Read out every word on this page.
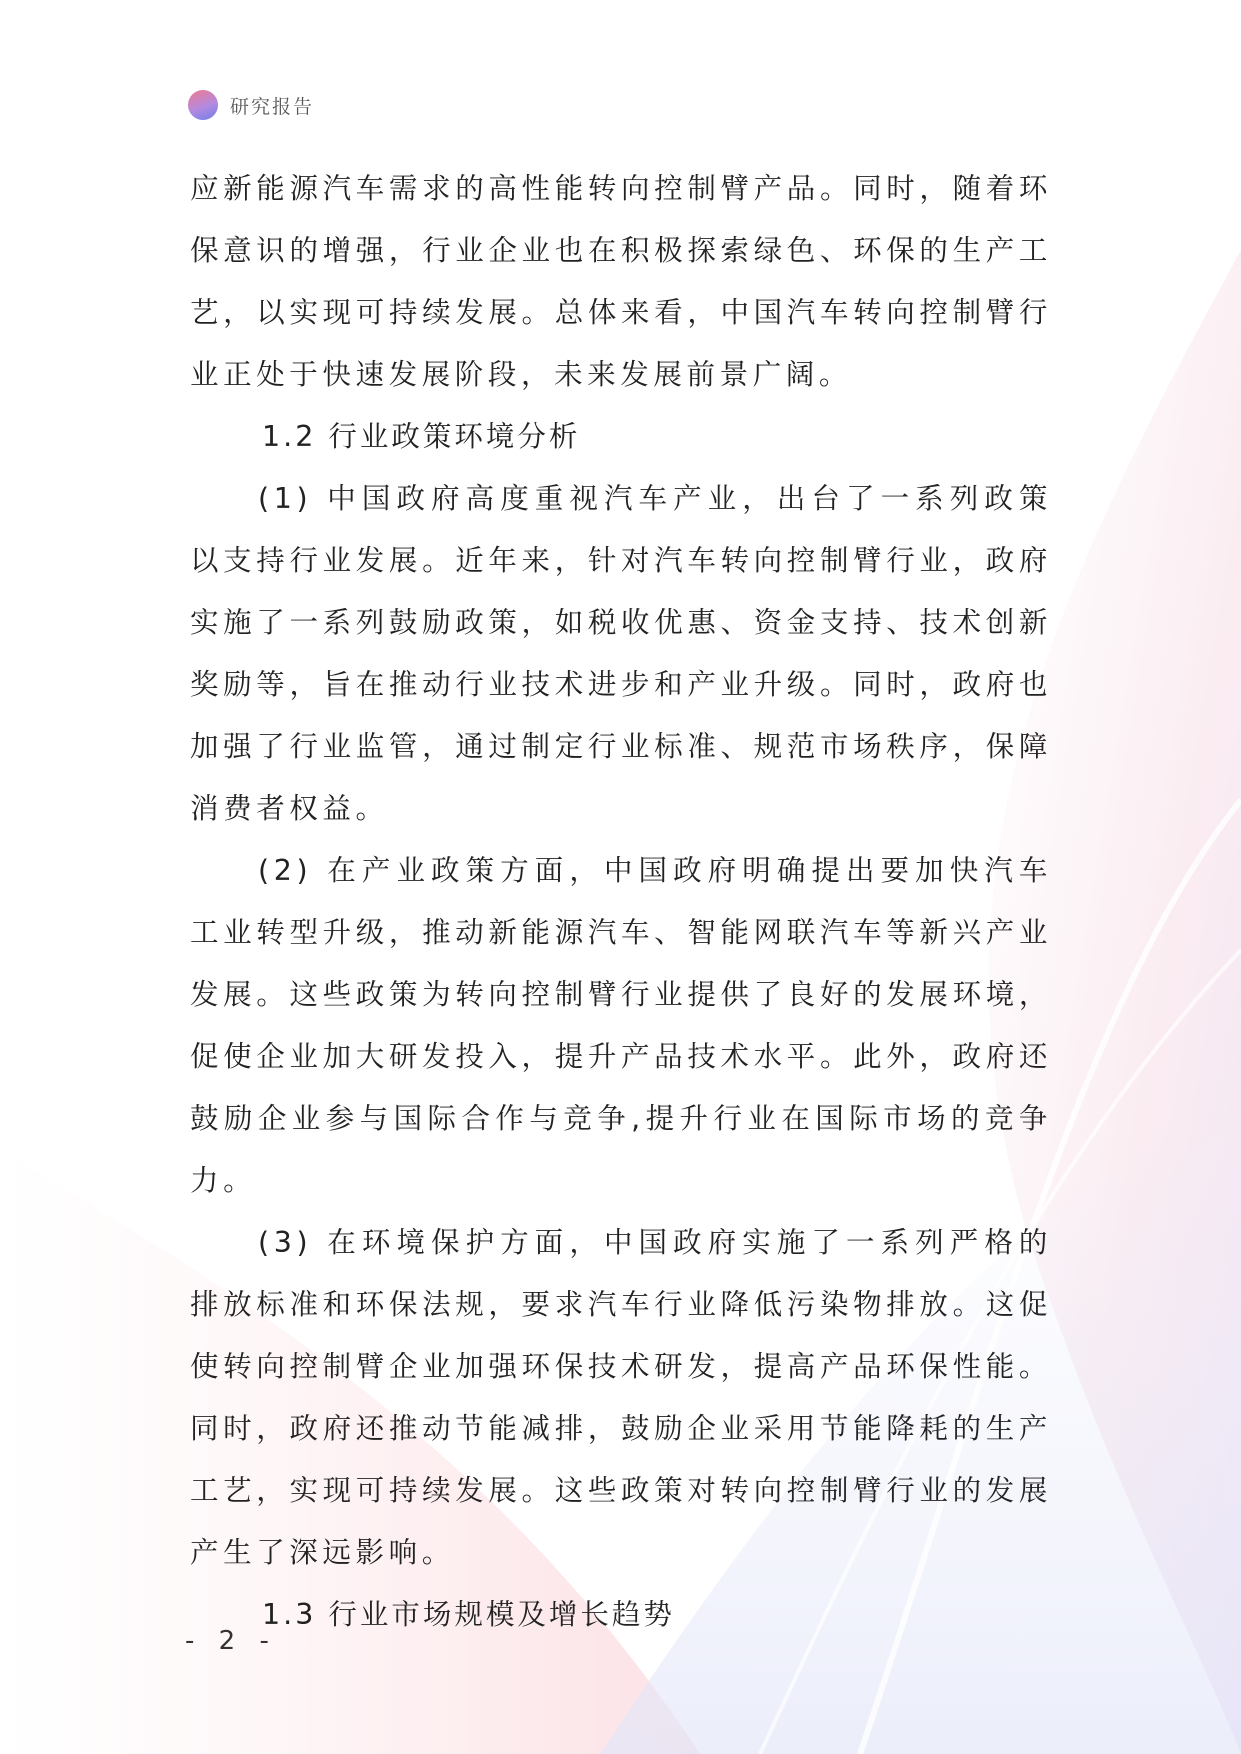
研究报告

应新能源汽车需求的高性能转向控制臂产品。同时，随着环保意识的增强，行业企业也在积极探索绿色、环保的生产工艺，以实现可持续发展。总体来看，中国汽车转向控制臂行业正处于快速发展阶段，未来发展前景广阔。

1.2 行业政策环境分析

(1) 中国政府高度重视汽车产业，出台了一系列政策以支持行业发展。近年来，针对汽车转向控制臂行业，政府实施了一系列鼓励政策，如税收优惠、资金支持、技术创新奖励等，旨在推动行业技术进步和产业升级。同时，政府也加强了行业监管，通过制定行业标准、规范市场秩序，保障消费者权益。

(2) 在产业政策方面，中国政府明确提出要加快汽车工业转型升级，推动新能源汽车、智能网联汽车等新兴产业发展。这些政策为转向控制臂行业提供了良好的发展环境，促使企业加大研发投入，提升产品技术水平。此外，政府还鼓励企业参与国际合作与竞争,提升行业在国际市场的竞争力。

(3) 在环境保护方面，中国政府实施了一系列严格的排放标准和环保法规，要求汽车行业降低污染物排放。这促使转向控制臂企业加强环保技术研发，提高产品环保性能。同时，政府还推动节能减排，鼓励企业采用节能降耗的生产工艺，实现可持续发展。这些政策对转向控制臂行业的发展产生了深远影响。

1.3 行业市场规模及增长趋势

- 2 -
